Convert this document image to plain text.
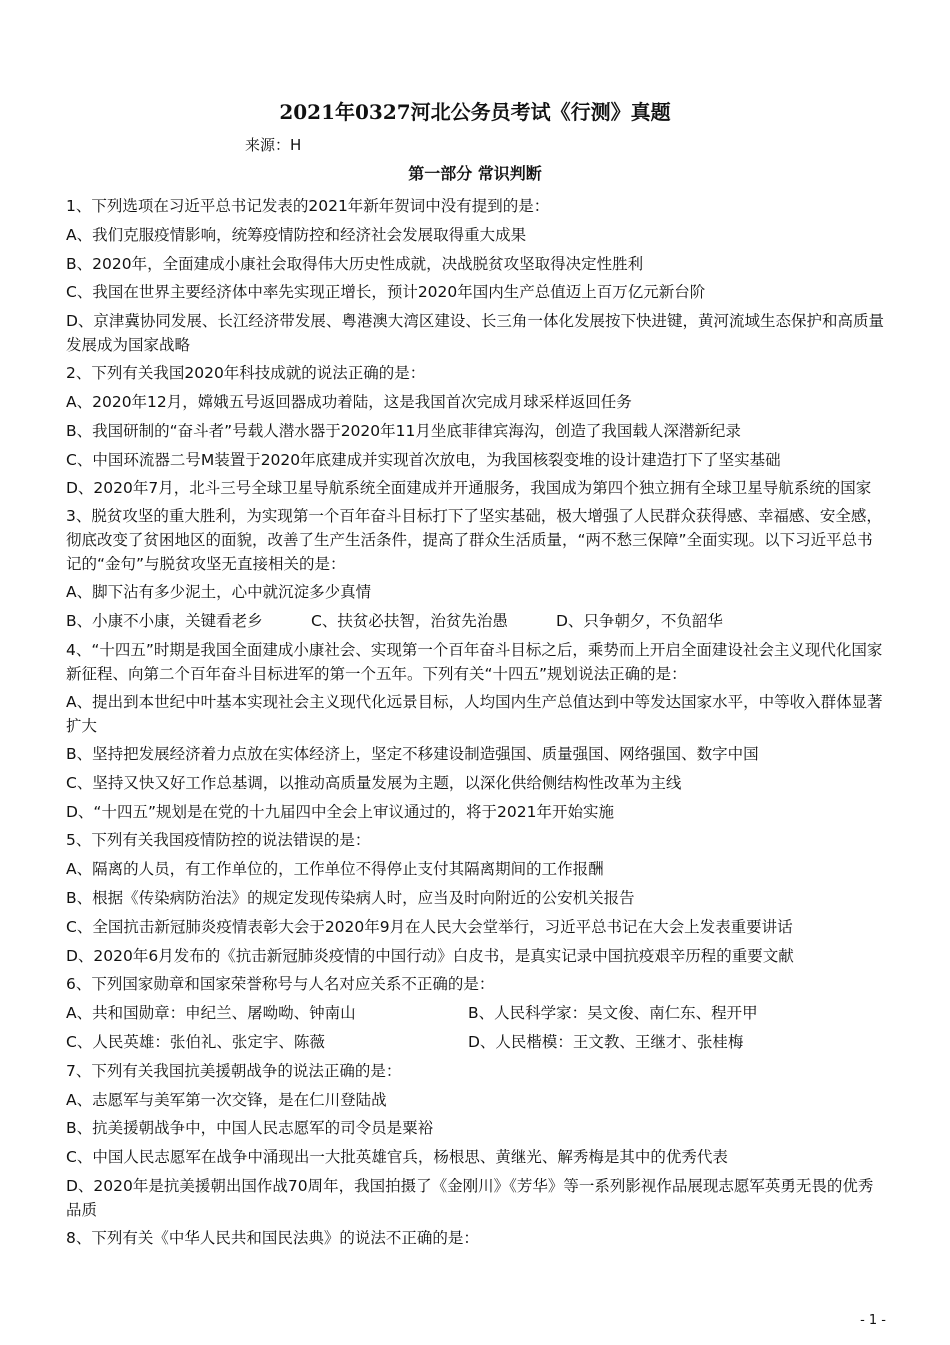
2021年0327河北公务员考试《行测》真题
来源：H
第一部分 常识判断

1、下列选项在习近平总书记发表的2021年新年贺词中没有提到的是：

A、我们克服疫情影响，统筹疫情防控和经济社会发展取得重大成果

B、2020年，全面建成小康社会取得伟大历史性成就，决战脱贫攻坚取得决定性胜利

C、我国在世界主要经济体中率先实现正增长，预计2020年国内生产总值迈上百万亿元新台阶

D、京津冀协同发展、长江经济带发展、粤港澳大湾区建设、长三角一体化发展按下快进键，黄河流域生态保护和高质量发展成为国家战略

2、下列有关我国2020年科技成就的说法正确的是：

A、2020年12月，嫦娥五号返回器成功着陆，这是我国首次完成月球采样返回任务

B、我国研制的“奋斗者”号载人潜水器于2020年11月坐底菲律宾海沟，创造了我国载人深潜新纪录

C、中国环流器二号M装置于2020年底建成并实现首次放电，为我国核裂变堆的设计建造打下了坚实基础

D、2020年7月，北斗三号全球卫星导航系统全面建成并开通服务，我国成为第四个独立拥有全球卫星导航系统的国家

3、脱贫攻坚的重大胜利，为实现第一个百年奋斗目标打下了坚实基础，极大增强了人民群众获得感、幸福感、安全感，彻底改变了贫困地区的面貌，改善了生产生活条件，提高了群众生活质量，“两不愁三保障”全面实现。以下习近平总书记的“金句”与脱贫攻坚无直接相关的是：

A、脚下沾有多少泥土，心中就沉淀多少真情

B、小康不小康，关键看老乡	C、扶贫必扶智，治贫先治愚	D、只争朝夕，不负韶华

4、“十四五”时期是我国全面建成小康社会、实现第一个百年奋斗目标之后，乘势而上开启全面建设社会主义现代化国家新征程、向第二个百年奋斗目标进军的第一个五年。下列有关“十四五”规划说法正确的是：

A、提出到本世纪中叶基本实现社会主义现代化远景目标，人均国内生产总值达到中等发达国家水平，中等收入群体显著扩大

B、坚持把发展经济着力点放在实体经济上，坚定不移建设制造强国、质量强国、网络强国、数字中国

C、坚持又快又好工作总基调，以推动高质量发展为主题，以深化供给侧结构性改革为主线

D、“十四五”规划是在党的十九届四中全会上审议通过的，将于2021年开始实施

5、下列有关我国疫情防控的说法错误的是：

A、隔离的人员，有工作单位的，工作单位不得停止支付其隔离期间的工作报酬

B、根据《传染病防治法》的规定发现传染病人时，应当及时向附近的公安机关报告

C、全国抗击新冠肺炎疫情表彰大会于2020年9月在人民大会堂举行，习近平总书记在大会上发表重要讲话

D、2020年6月发布的《抗击新冠肺炎疫情的中国行动》白皮书，是真实记录中国抗疫艰辛历程的重要文献

6、下列国家勋章和国家荣誉称号与人名对应关系不正确的是：

A、共和国勋章：申纪兰、屠呦呦、钟南山	B、人民科学家：吴文俊、南仁东、程开甲
C、人民英雄：张伯礼、张定宇、陈薇	D、人民楷模：王文教、王继才、张桂梅

7、下列有关我国抗美援朝战争的说法正确的是：

A、志愿军与美军第一次交锋，是在仁川登陆战

B、抗美援朝战争中，中国人民志愿军的司令员是粟裕

C、中国人民志愿军在战争中涌现出一大批英雄官兵，杨根思、黄继光、解秀梅是其中的优秀代表

D、2020年是抗美援朝出国作战70周年，我国拍摄了《金刚川》《芳华》等一系列影视作品展现志愿军英勇无畏的优秀品质

8、下列有关《中华人民共和国民法典》的说法不正确的是：

- 1 -
